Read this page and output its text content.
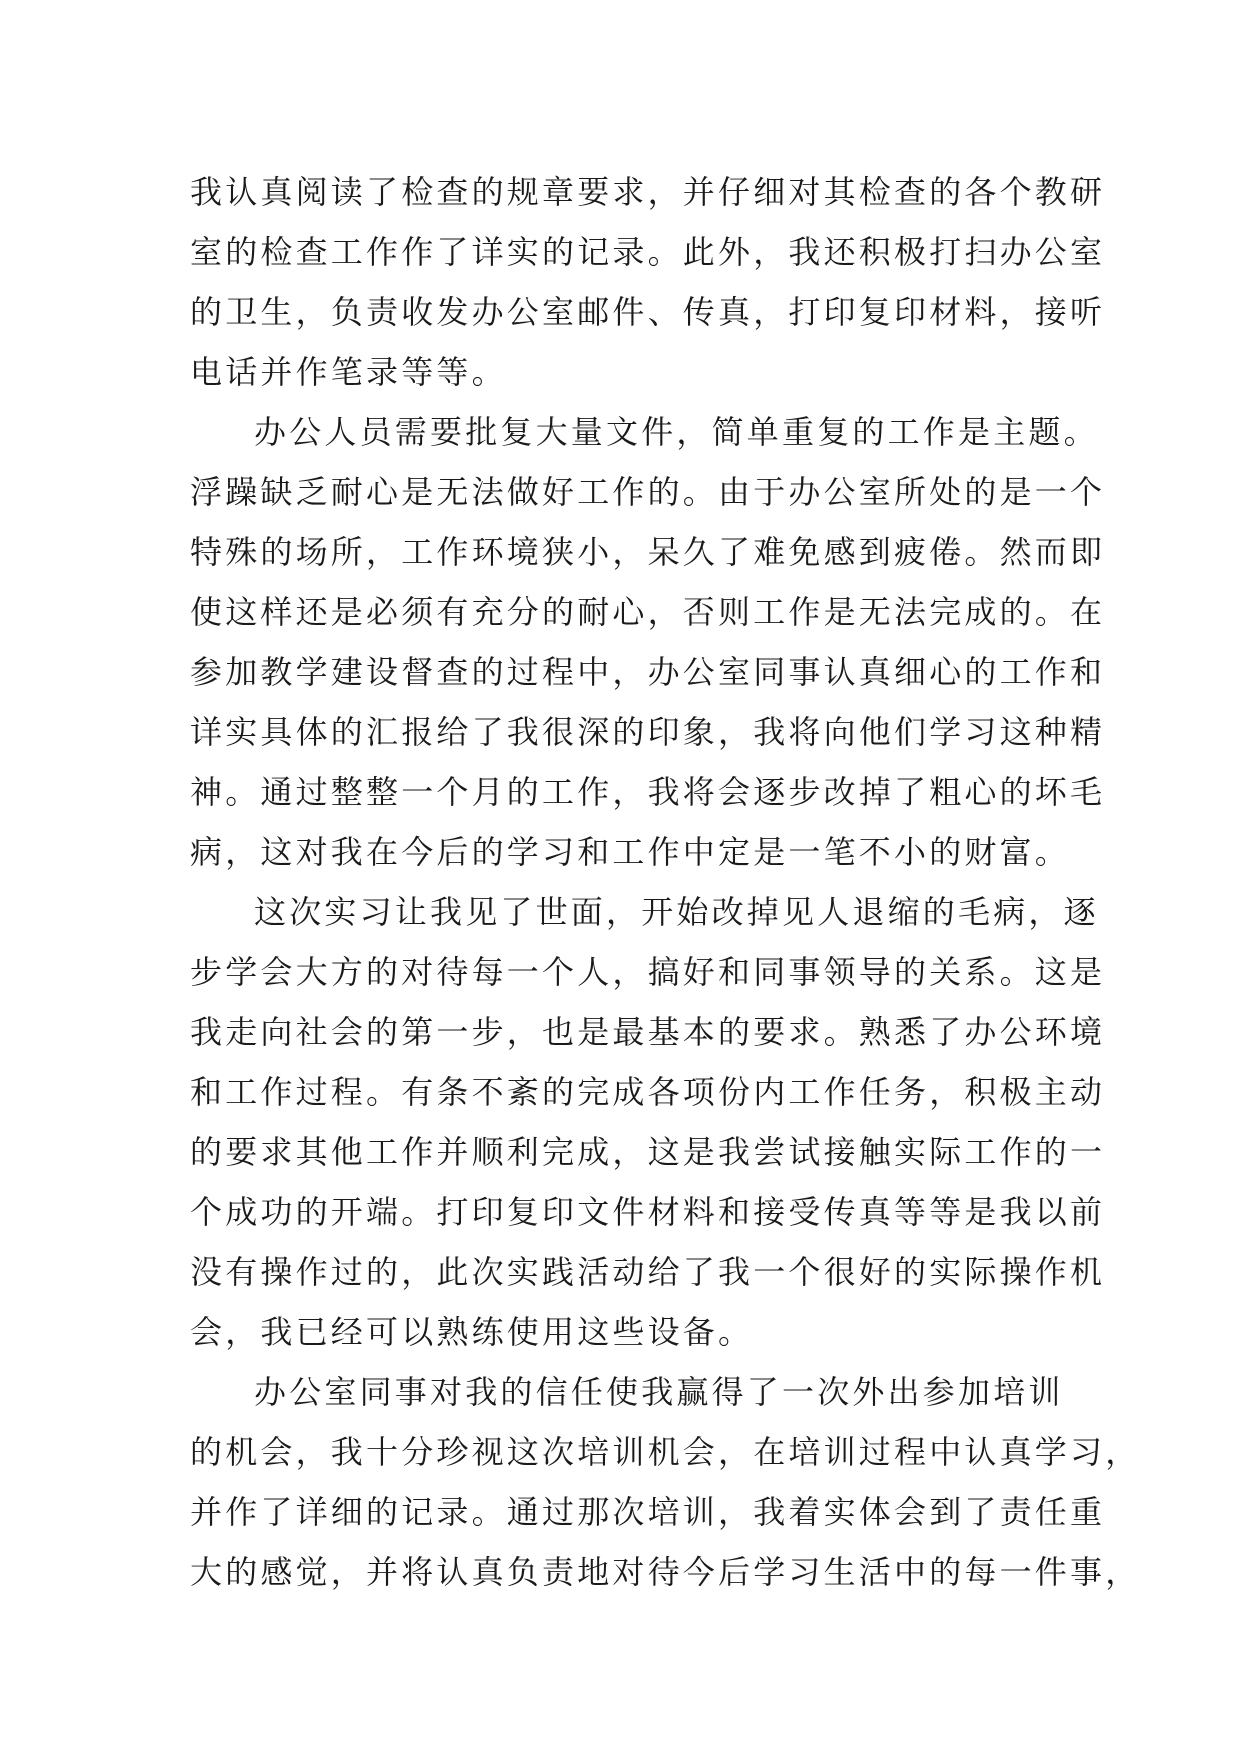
我认真阅读了检查的规章要求，并仔细对其检查的各个教研
室的检查工作作了详实的记录。此外，我还积极打扫办公室
的卫生，负责收发办公室邮件、传真，打印复印材料，接听
电话并作笔录等等。
办公人员需要批复大量文件，简单重复的工作是主题。
浮躁缺乏耐心是无法做好工作的。由于办公室所处的是一个
特殊的场所，工作环境狭小，呆久了难免感到疲倦。然而即
使这样还是必须有充分的耐心，否则工作是无法完成的。在
参加教学建设督查的过程中，办公室同事认真细心的工作和
详实具体的汇报给了我很深的印象，我将向他们学习这种精
神。通过整整一个月的工作，我将会逐步改掉了粗心的坏毛
病，这对我在今后的学习和工作中定是一笔不小的财富。
这次实习让我见了世面，开始改掉见人退缩的毛病，逐
步学会大方的对待每一个人，搞好和同事领导的关系。这是
我走向社会的第一步，也是最基本的要求。熟悉了办公环境
和工作过程。有条不紊的完成各项份内工作任务，积极主动
的要求其他工作并顺利完成，这是我尝试接触实际工作的一
个成功的开端。打印复印文件材料和接受传真等等是我以前
没有操作过的，此次实践活动给了我一个很好的实际操作机
会，我已经可以熟练使用这些设备。
办公室同事对我的信任使我赢得了一次外出参加培训
的机会，我十分珍视这次培训机会，在培训过程中认真学习，
并作了详细的记录。通过那次培训，我着实体会到了责任重
大的感觉，并将认真负责地对待今后学习生活中的每一件事，
